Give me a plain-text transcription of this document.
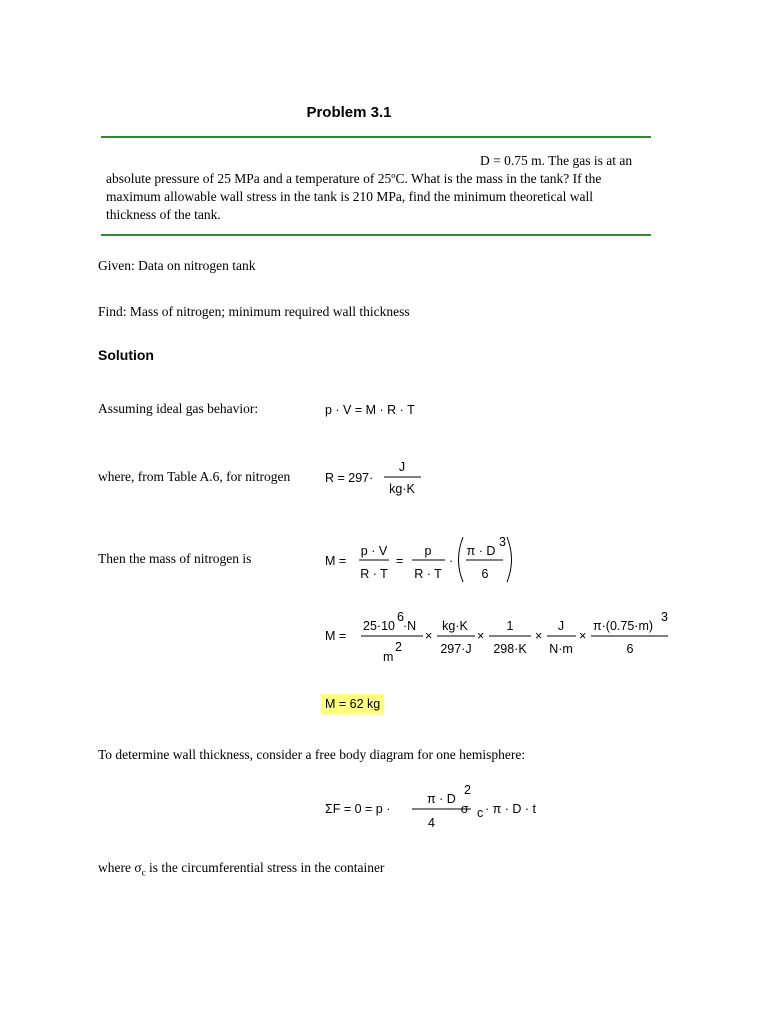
Problem 3.1
D = 0.75 m. The gas is at an
absolute pressure of 25 MPa and a temperature of 25ºC. What is the mass in the tank? If the
maximum allowable wall stress in the tank is 210 MPa, find the minimum theoretical wall
thickness of the tank.
Given: Data on nitrogen tank
Find: Mass of nitrogen; minimum required wall thickness
Solution
Assuming ideal gas behavior:	p · V = M · R · T
where, from Table A.6, for nitrogen	R = 297·
J
kg·K
Then the mass of nitrogen is	M =
p · V
R · T
=
p
R · T
·
π · D
3
6
M =
25·10
6
·N
m
2
×
kg·K
297·J
×
1
298·K
×
J
N·m
×
π·(0.75·m)
3
6
M = 62 kg
To determine wall thickness, consider a free body diagram for one hemisphere:
ΣF = 0 = p ·
π · D
2
4
− σ c · π · D · t
where $\sigma_c$ is the circumferential stress in the container
